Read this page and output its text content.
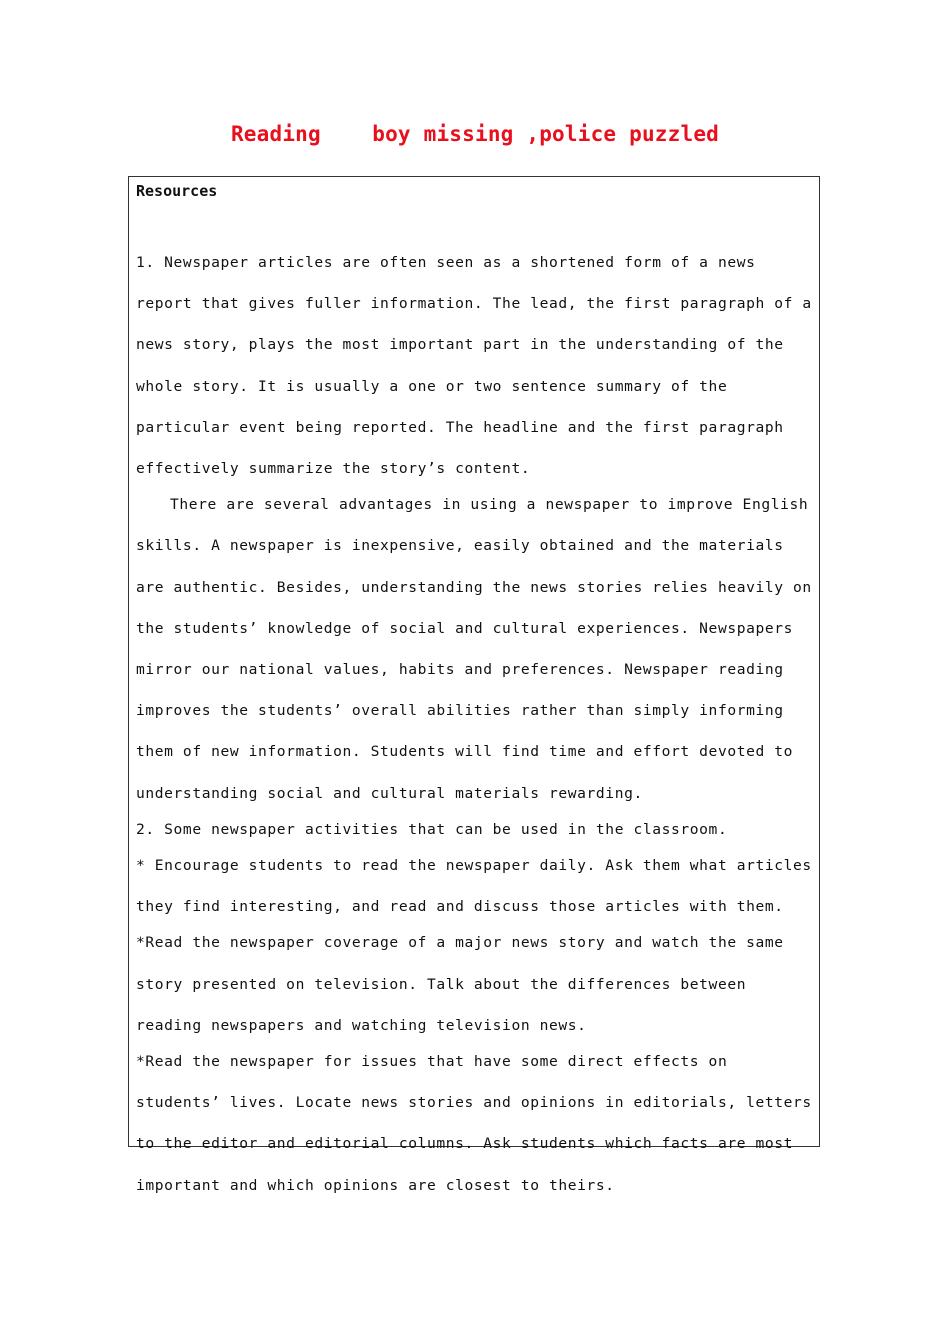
Reading boy missing ,police puzzled
Resources

1. Newspaper articles are often seen as a shortened form of a news report that gives fuller information. The lead, the first paragraph of a news story, plays the most important part in the understanding of the whole story. It is usually a one or two sentence summary of the particular event being reported. The headline and the first paragraph effectively summarize the story’s content.

There are several advantages in using a newspaper to improve English skills. A newspaper is inexpensive, easily obtained and the materials are authentic. Besides, understanding the news stories relies heavily on the students’ knowledge of social and cultural experiences. Newspapers mirror our national values, habits and preferences. Newspaper reading improves the students’ overall abilities rather than simply informing them of new information. Students will find time and effort devoted to understanding social and cultural materials rewarding.

2. Some newspaper activities that can be used in the classroom.

* Encourage students to read the newspaper daily. Ask them what articles they find interesting, and read and discuss those articles with them.

*Read the newspaper coverage of a major news story and watch the same story presented on television. Talk about the differences between reading newspapers and watching television news.

*Read the newspaper for issues that have some direct effects on students’ lives. Locate news stories and opinions in editorials, letters to the editor and editorial columns. Ask students which facts are most important and which opinions are closest to theirs.
